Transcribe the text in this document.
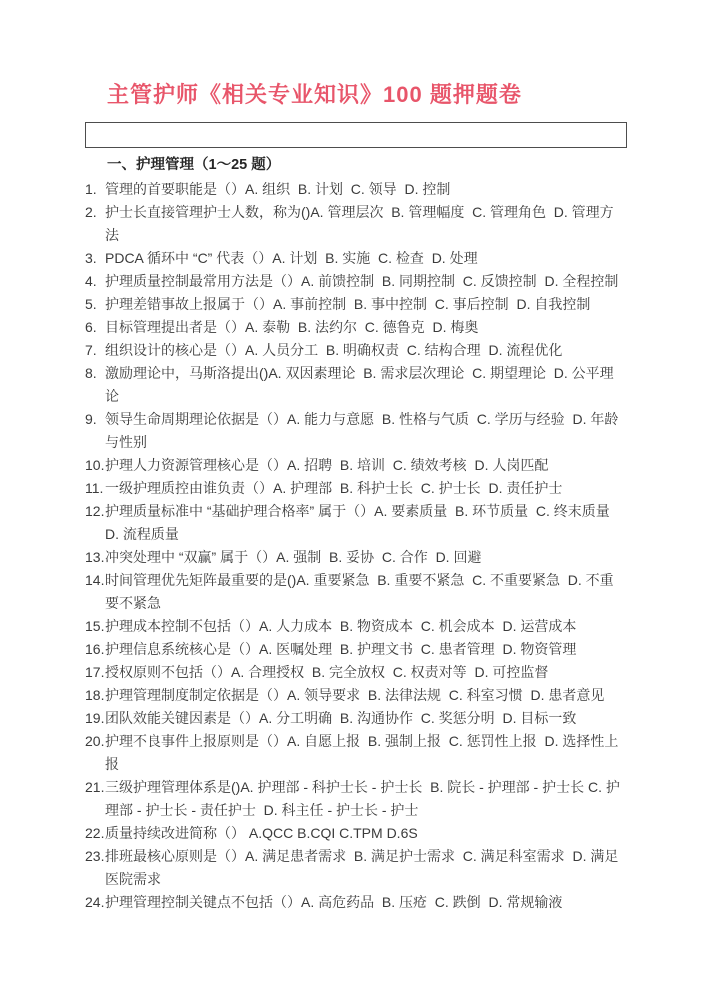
主管护师《相关专业知识》100 题押题卷
一、护理管理（1～25 题）
1. 管理的首要职能是（）A. 组织  B. 计划  C. 领导  D. 控制
2. 护士长直接管理护士人数，称为()A. 管理层次  B. 管理幅度  C. 管理角色  D. 管理方法
3. PDCA 循环中 “C” 代表（）A. 计划  B. 实施  C. 检查  D. 处理
4. 护理质量控制最常用方法是（）A. 前馈控制  B. 同期控制  C. 反馈控制  D. 全程控制
5. 护理差错事故上报属于（）A. 事前控制  B. 事中控制  C. 事后控制  D. 自我控制
6. 目标管理提出者是（）A. 泰勒  B. 法约尔  C. 德鲁克  D. 梅奥
7. 组织设计的核心是（）A. 人员分工  B. 明确权责  C. 结构合理  D. 流程优化
8. 激励理论中，马斯洛提出()A. 双因素理论  B. 需求层次理论  C. 期望理论  D. 公平理论
9. 领导生命周期理论依据是（）A. 能力与意愿  B. 性格与气质  C. 学历与经验  D. 年龄与性别
10. 护理人力资源管理核心是（）A. 招聘  B. 培训  C. 绩效考核  D. 人岗匹配
11. 一级护理质控由谁负责（）A. 护理部  B. 科护士长  C. 护士长  D. 责任护士
12. 护理质量标准中 “基础护理合格率” 属于（）A. 要素质量  B. 环节质量  C. 终末质量  D. 流程质量
13. 冲突处理中 “双赢” 属于（）A. 强制  B. 妥协  C. 合作  D. 回避
14. 时间管理优先矩阵最重要的是()A. 重要紧急  B. 重要不紧急  C. 不重要紧急  D. 不重要不紧急
15. 护理成本控制不包括（）A. 人力成本  B. 物资成本  C. 机会成本  D. 运营成本
16. 护理信息系统核心是（）A. 医嘱处理  B. 护理文书  C. 患者管理  D. 物资管理
17. 授权原则不包括（）A. 合理授权  B. 完全放权  C. 权责对等  D. 可控监督
18. 护理管理制度制定依据是（）A. 领导要求  B. 法律法规  C. 科室习惯  D. 患者意见
19. 团队效能关键因素是（）A. 分工明确  B. 沟通协作  C. 奖惩分明  D. 目标一致
20. 护理不良事件上报原则是（）A. 自愿上报  B. 强制上报  C. 惩罚性上报  D. 选择性上报
21. 三级护理管理体系是()A. 护理部 - 科护士长 - 护士长  B. 院长 - 护理部 - 护士长 C. 护理部 - 护士长 - 责任护士  D. 科主任 - 护士长 - 护士
22. 质量持续改进简称（） A.QCC B.CQI C.TPM D.6S
23. 排班最核心原则是（）A. 满足患者需求  B. 满足护士需求  C. 满足科室需求  D. 满足医院需求
24. 护理管理控制关键点不包括（）A. 高危药品  B. 压疮  C. 跌倒  D. 常规输液
